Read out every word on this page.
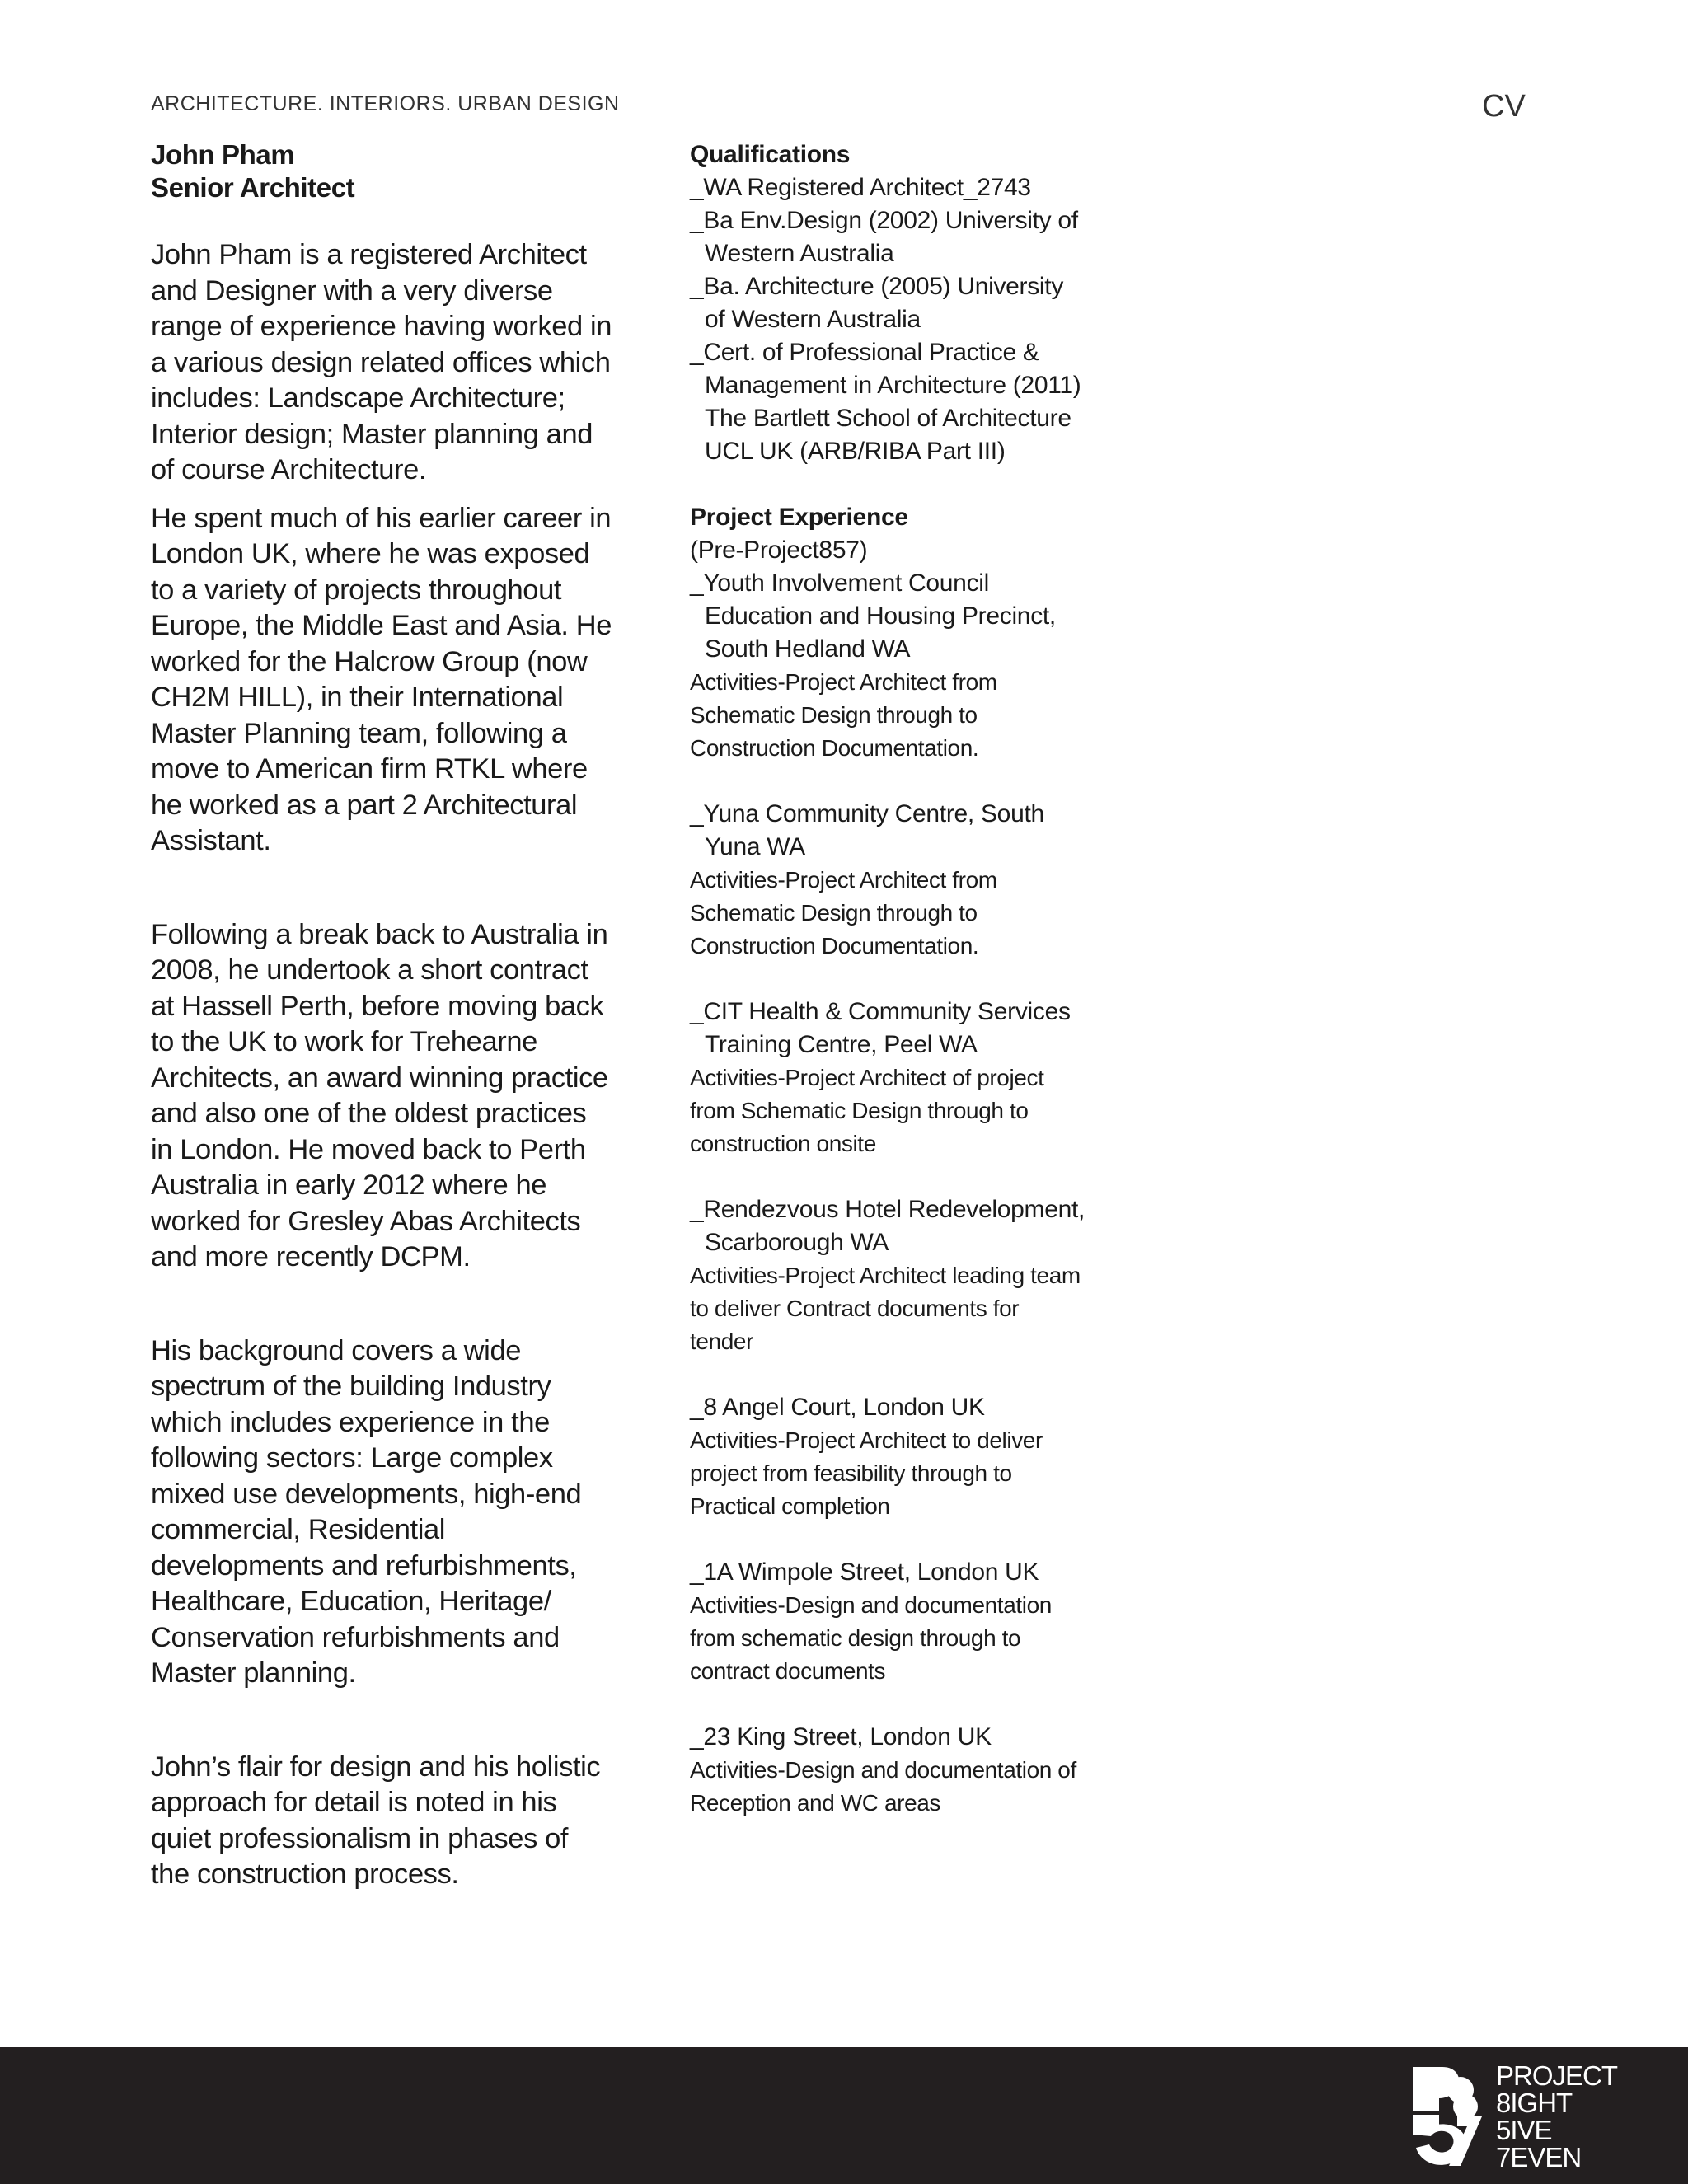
ARCHITECTURE. INTERIORS. URBAN DESIGN	CV
John Pham
Senior Architect

John Pham is a registered Architect and Designer with a very diverse range of experience having worked in a various design related offices which includes: Landscape Architecture; Interior design; Master planning and of course Architecture.

He spent much of his earlier career in London UK, where he was exposed to a variety of projects throughout Europe, the Middle East and Asia. He worked for the Halcrow Group (now CH2M HILL), in their International Master Planning team, following a move to American firm RTKL where he worked as a part 2 Architectural Assistant.

Following a break back to Australia in 2008, he undertook a short contract at Hassell Perth, before moving back to the UK to work for Trehearne Architects, an award winning practice and also one of the oldest practices in London. He moved back to Perth Australia in early 2012 where he worked for Gresley Abas Architects and more recently DCPM.

His background covers a wide spectrum of the building Industry which includes experience in the following sectors: Large complex mixed use developments, high-end commercial, Residential developments and refurbishments, Healthcare, Education, Heritage/ Conservation refurbishments and Master planning.

John’s flair for design and his holistic approach for detail is noted in his quiet professionalism in phases of the construction process.

Qualifications
_WA Registered Architect_2743
_Ba Env.Design (2002) University of
Western Australia
_Ba. Architecture (2005) University
of Western Australia
_Cert. of Professional Practice &
Management in Architecture (2011)
The Bartlett School of Architecture
UCL UK (ARB/RIBA Part III)
Project Experience
(Pre-Project857)
_Youth Involvement Council
Education and Housing Precinct,
South Hedland WA
Activities-Project Architect from
Schematic Design through to
Construction Documentation.
_Yuna Community Centre, South
Yuna WA
Activities-Project Architect from
Schematic Design through to
Construction Documentation.
_CIT Health & Community Services
Training Centre, Peel WA
Activities-Project Architect of project
from Schematic Design through to
construction onsite
_Rendezvous Hotel Redevelopment,
Scarborough WA
Activities-Project Architect leading team
to deliver Contract documents for
tender
_8 Angel Court, London UK
Activities-Project Architect to deliver
project from feasibility through to
Practical completion
_1A Wimpole Street, London UK
Activities-Design and documentation
from schematic design through to
contract documents
_23 King Street, London UK
Activities-Design and documentation of
Reception and WC areas
PROJECT
8IGHT
5IVE
7EVEN
